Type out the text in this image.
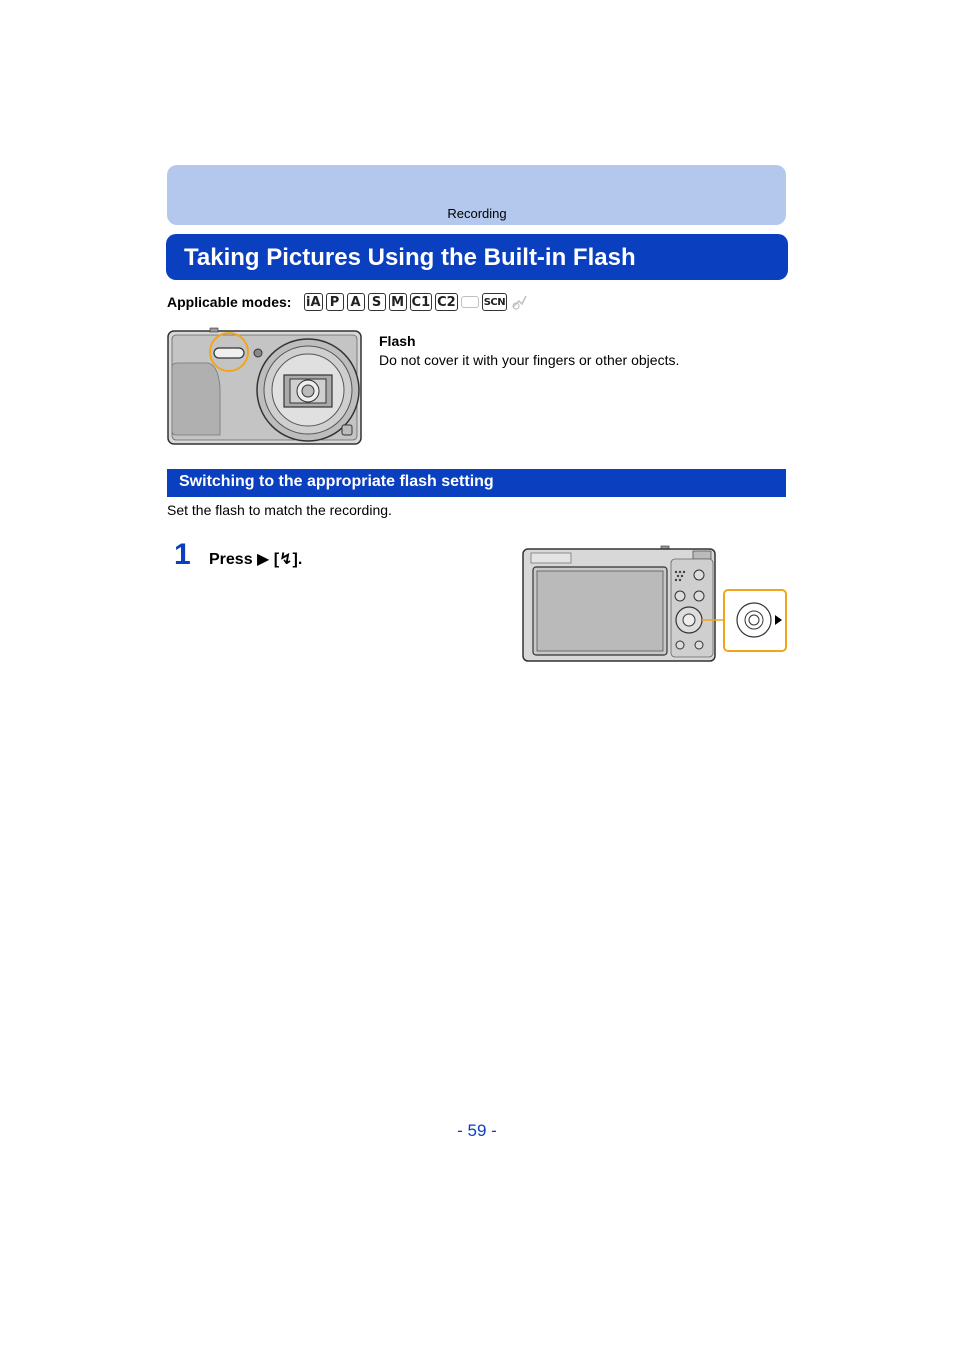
Recording
Taking Pictures Using the Built-in Flash
Applicable modes: iA P A S M C1 C2	SCN
Flash
Do not cover it with your fingers or other objects.
Switching to the appropriate flash setting
Set the flash to match the recording.
1 Press ▶ [↯].
- 59 -
